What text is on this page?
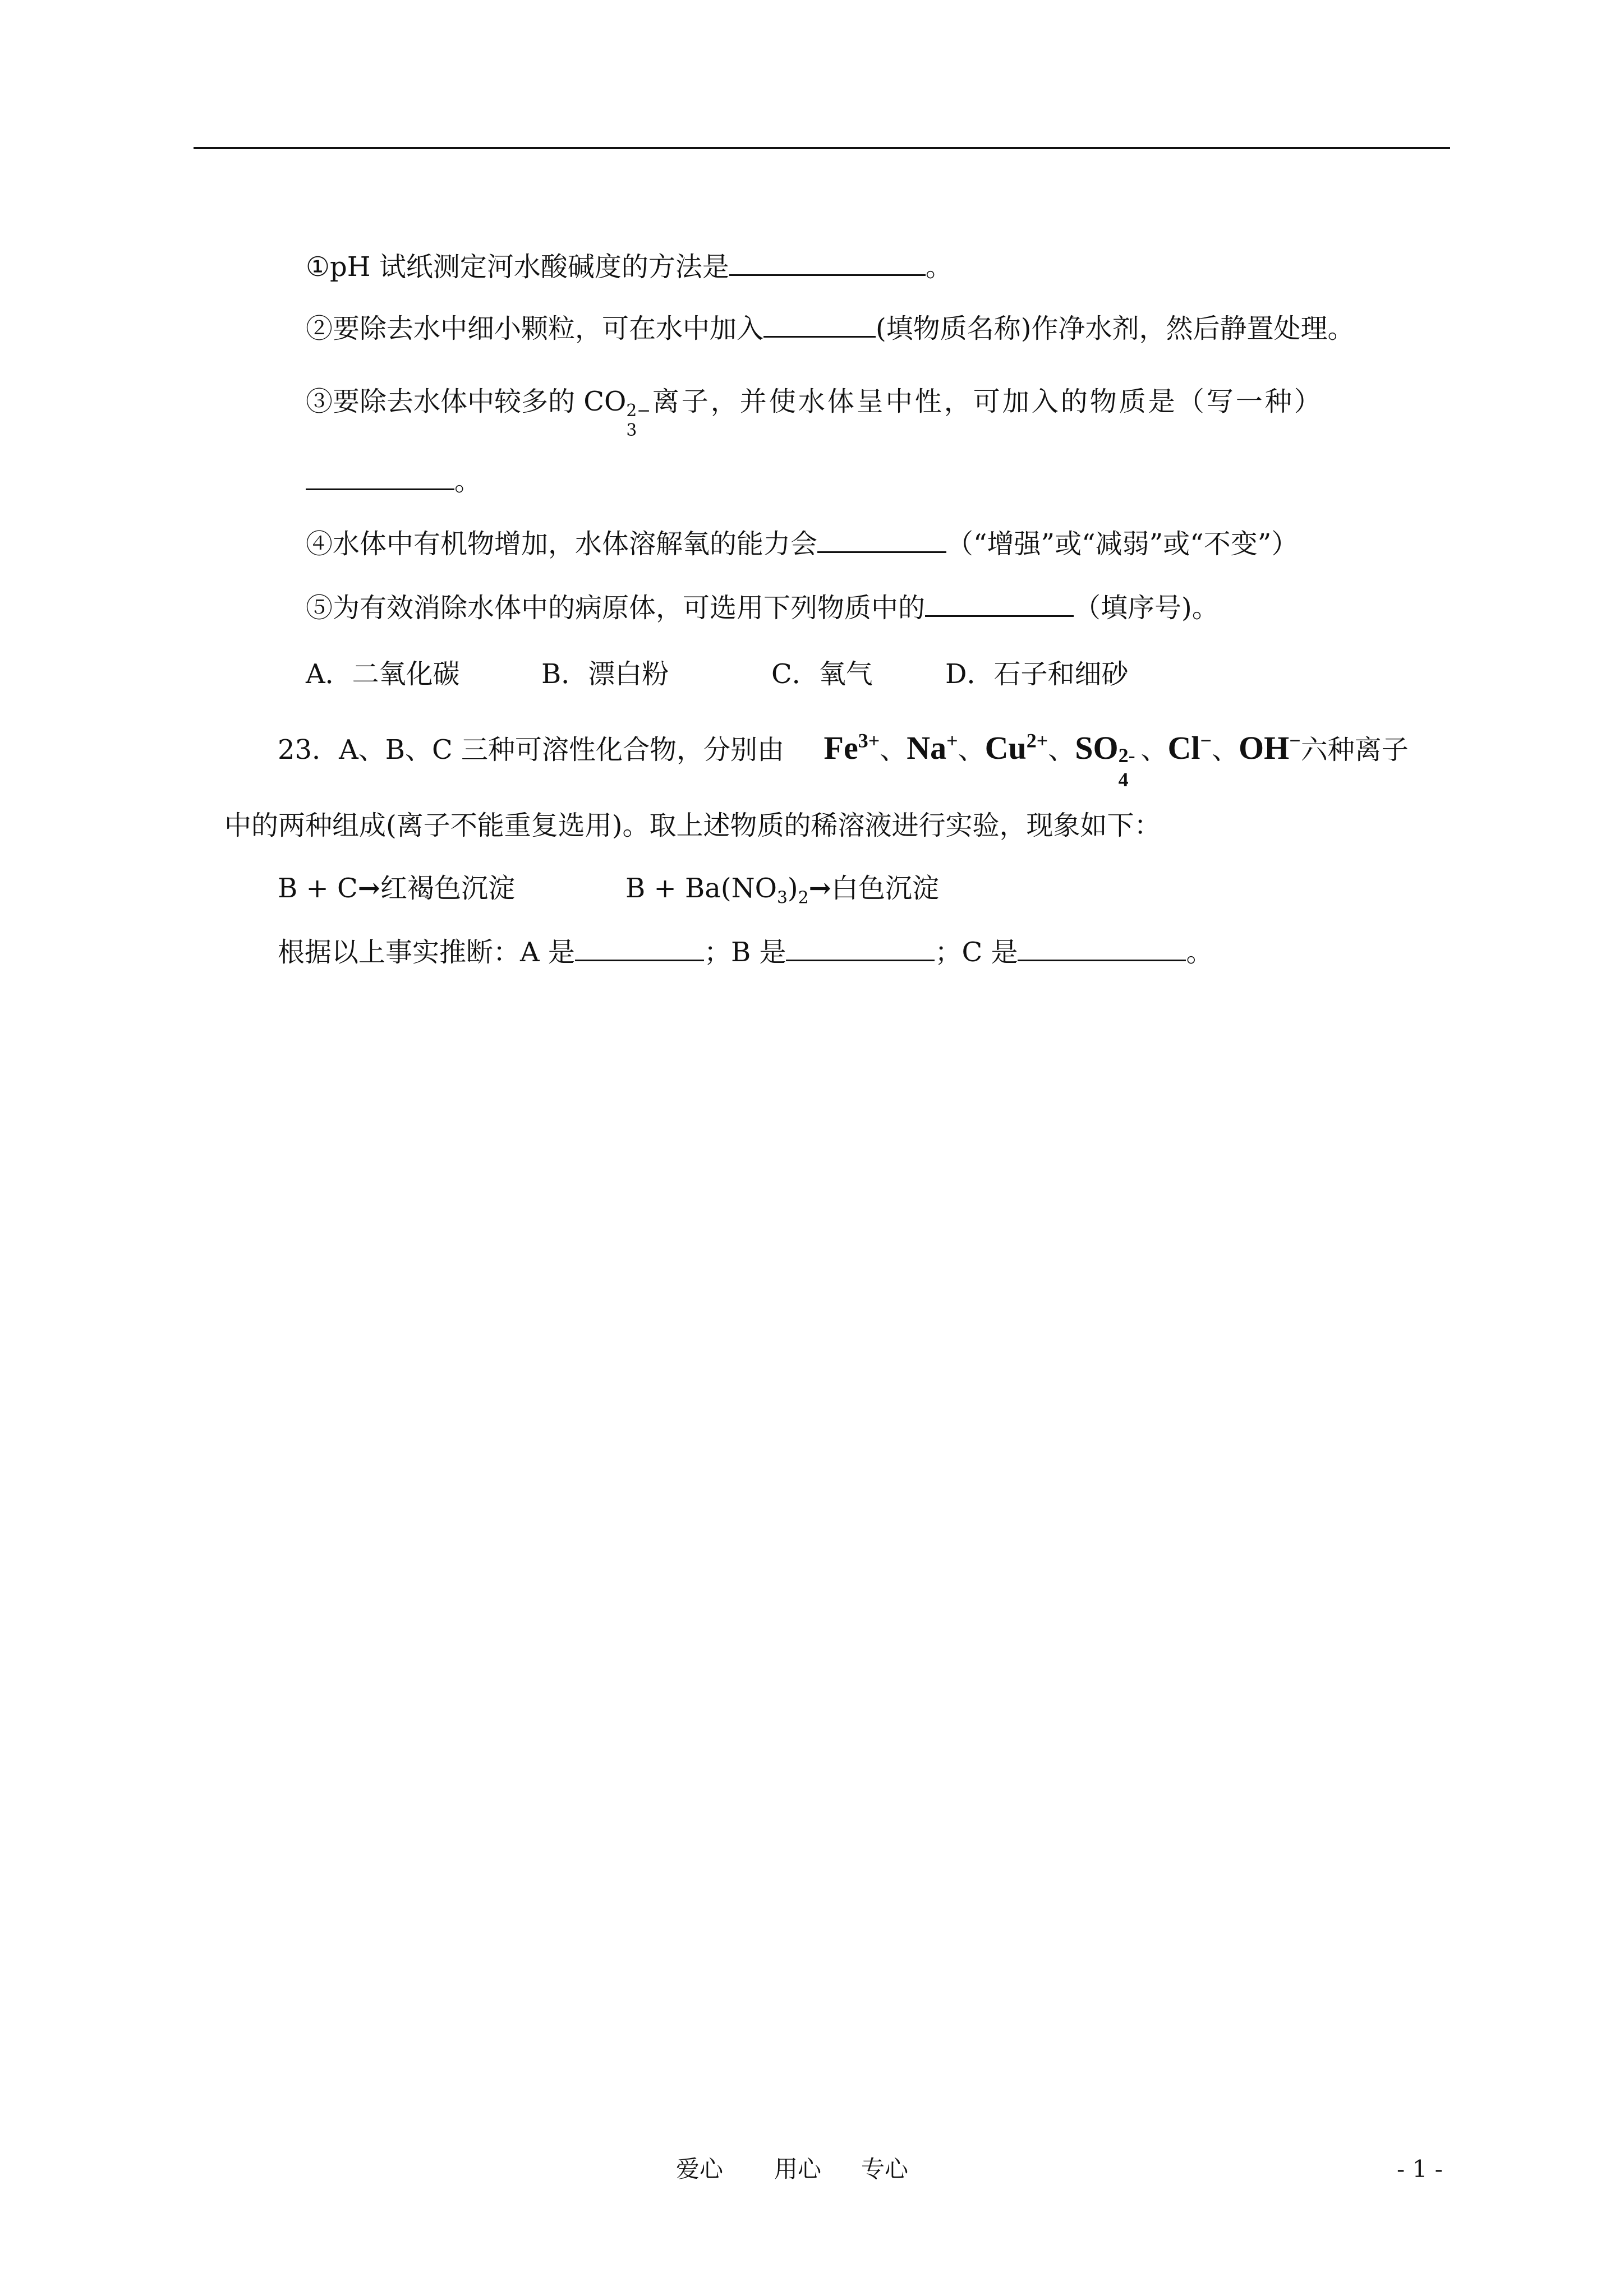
①pH 试纸测定河水酸碱度的方法是	。
②要除去水中细小颗粒，可在水中加入	(填物质名称)作净水剂，然后静置处理。
③要除去水体中较多的 CO 2−
3
离子，并使水体呈中性，可加入的物质是（写一种）
。
④水体中有机物增加，水体溶解氧的能力会	（“增强”或“减弱”或“不变”）
⑤为有效消除水体中的病原体，可选用下列物质中的	（填序号)。
A．二氧化碳	B．漂白粉	C．氧气	D．石子和细砂
23．A、B、C 三种可溶性化合物，分别由 $Fe^{3+}$、Na+、$Cu^{2+}$、SO 2-
4
、Cl−、OH−六种离子
中的两种组成(离子不能重复选用)。取上述物质的稀溶液进行实验，现象如下：
B + C→红褐色沉淀	$B + Ba(NO_3)_2\to$白色沉淀
根据以上事实推断：A 是	；B 是	；C 是	。
爱心 用心 专心	- 1 -
